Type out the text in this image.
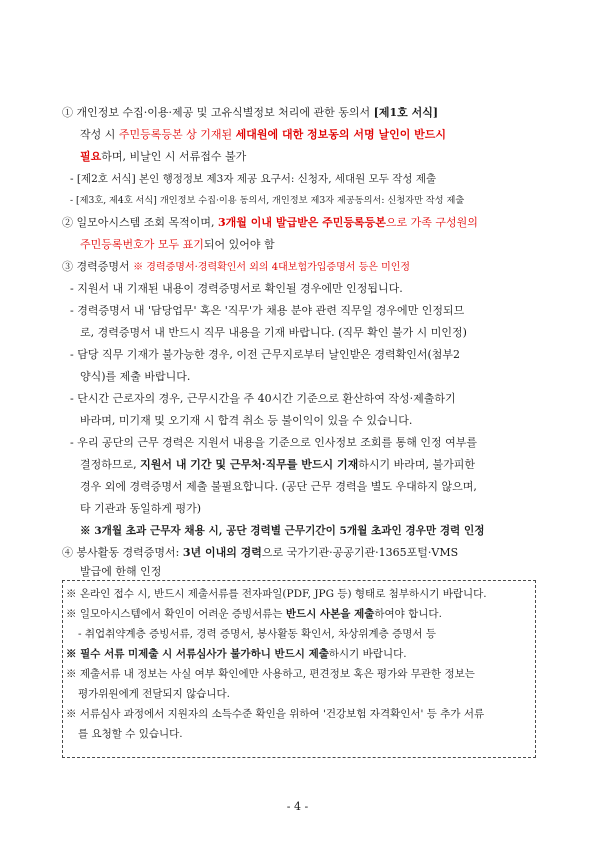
① 개인정보 수집·이용·제공 및 고유식별정보 처리에 관한 동의서 [제1호 서식]
작성 시 주민등록등본 상 기재된 세대원에 대한 정보동의 서명 날인이 반드시
필요하며, 비날인 시 서류접수 불가
- [제2호 서식] 본인 행정정보 제3자 제공 요구서: 신청자, 세대원 모두 작성 제출
- [제3호, 제4호 서식] 개인정보 수집·이용 동의서, 개인정보 제3자 제공동의서: 신청자만 작성 제출
② 일모아시스템 조회 목적이며, 3개월 이내 발급받은 주민등록등본으로 가족 구성원의
주민등록번호가 모두 표기되어 있어야 함
③ 경력증명서 ※ 경력증명서·경력확인서 외의 4대보험가입증명서 등은 미인정
- 지원서 내 기재된 내용이 경력증명서로 확인될 경우에만 인정됩니다.
- 경력증명서 내 '담당업무' 혹은 '직무'가 채용 분야 관련 직무일 경우에만 인정되므
로, 경력증명서 내 반드시 직무 내용을 기재 바랍니다. (직무 확인 불가 시 미인정)
- 담당 직무 기재가 불가능한 경우, 이전 근무지로부터 날인받은 경력확인서(첨부2
양식)를 제출 바랍니다.
- 단시간 근로자의 경우, 근무시간을 주 40시간 기준으로 환산하여 작성·제출하기
바라며, 미기재 및 오기재 시 합격 취소 등 불이익이 있을 수 있습니다.
- 우리 공단의 근무 경력은 지원서 내용을 기준으로 인사정보 조회를 통해 인정 여부를
결정하므로, 지원서 내 기간 및 근무처·직무를 반드시 기재하시기 바라며, 불가피한
경우 외에 경력증명서 제출 불필요합니다. (공단 근무 경력을 별도 우대하지 않으며,
타 기관과 동일하게 평가)
※ 3개월 초과 근무자 채용 시, 공단 경력별 근무기간이 5개월 초과인 경우만 경력 인정
④ 봉사활동 경력증명서: 3년 이내의 경력으로 국가기관·공공기관·1365포털·VMS
발급에 한해 인정
※ 온라인 접수 시, 반드시 제출서류를 전자파일(PDF, JPG 등) 형태로 첨부하시기 바랍니다.
※ 일모아시스템에서 확인이 어려운 증빙서류는 반드시 사본을 제출하여야 합니다.
- 취업취약계층 증빙서류, 경력 증명서, 봉사활동 확인서, 차상위계층 증명서 등
※ 필수 서류 미제출 시 서류심사가 불가하니 반드시 제출하시기 바랍니다.
※ 제출서류 내 정보는 사실 여부 확인에만 사용하고, 편견정보 혹은 평가와 무관한 정보는
평가위원에게 전달되지 않습니다.
※ 서류심사 과정에서 지원자의 소득수준 확인을 위하여 '건강보험 자격확인서' 등 추가 서류
를 요청할 수 있습니다.
- 4 -
